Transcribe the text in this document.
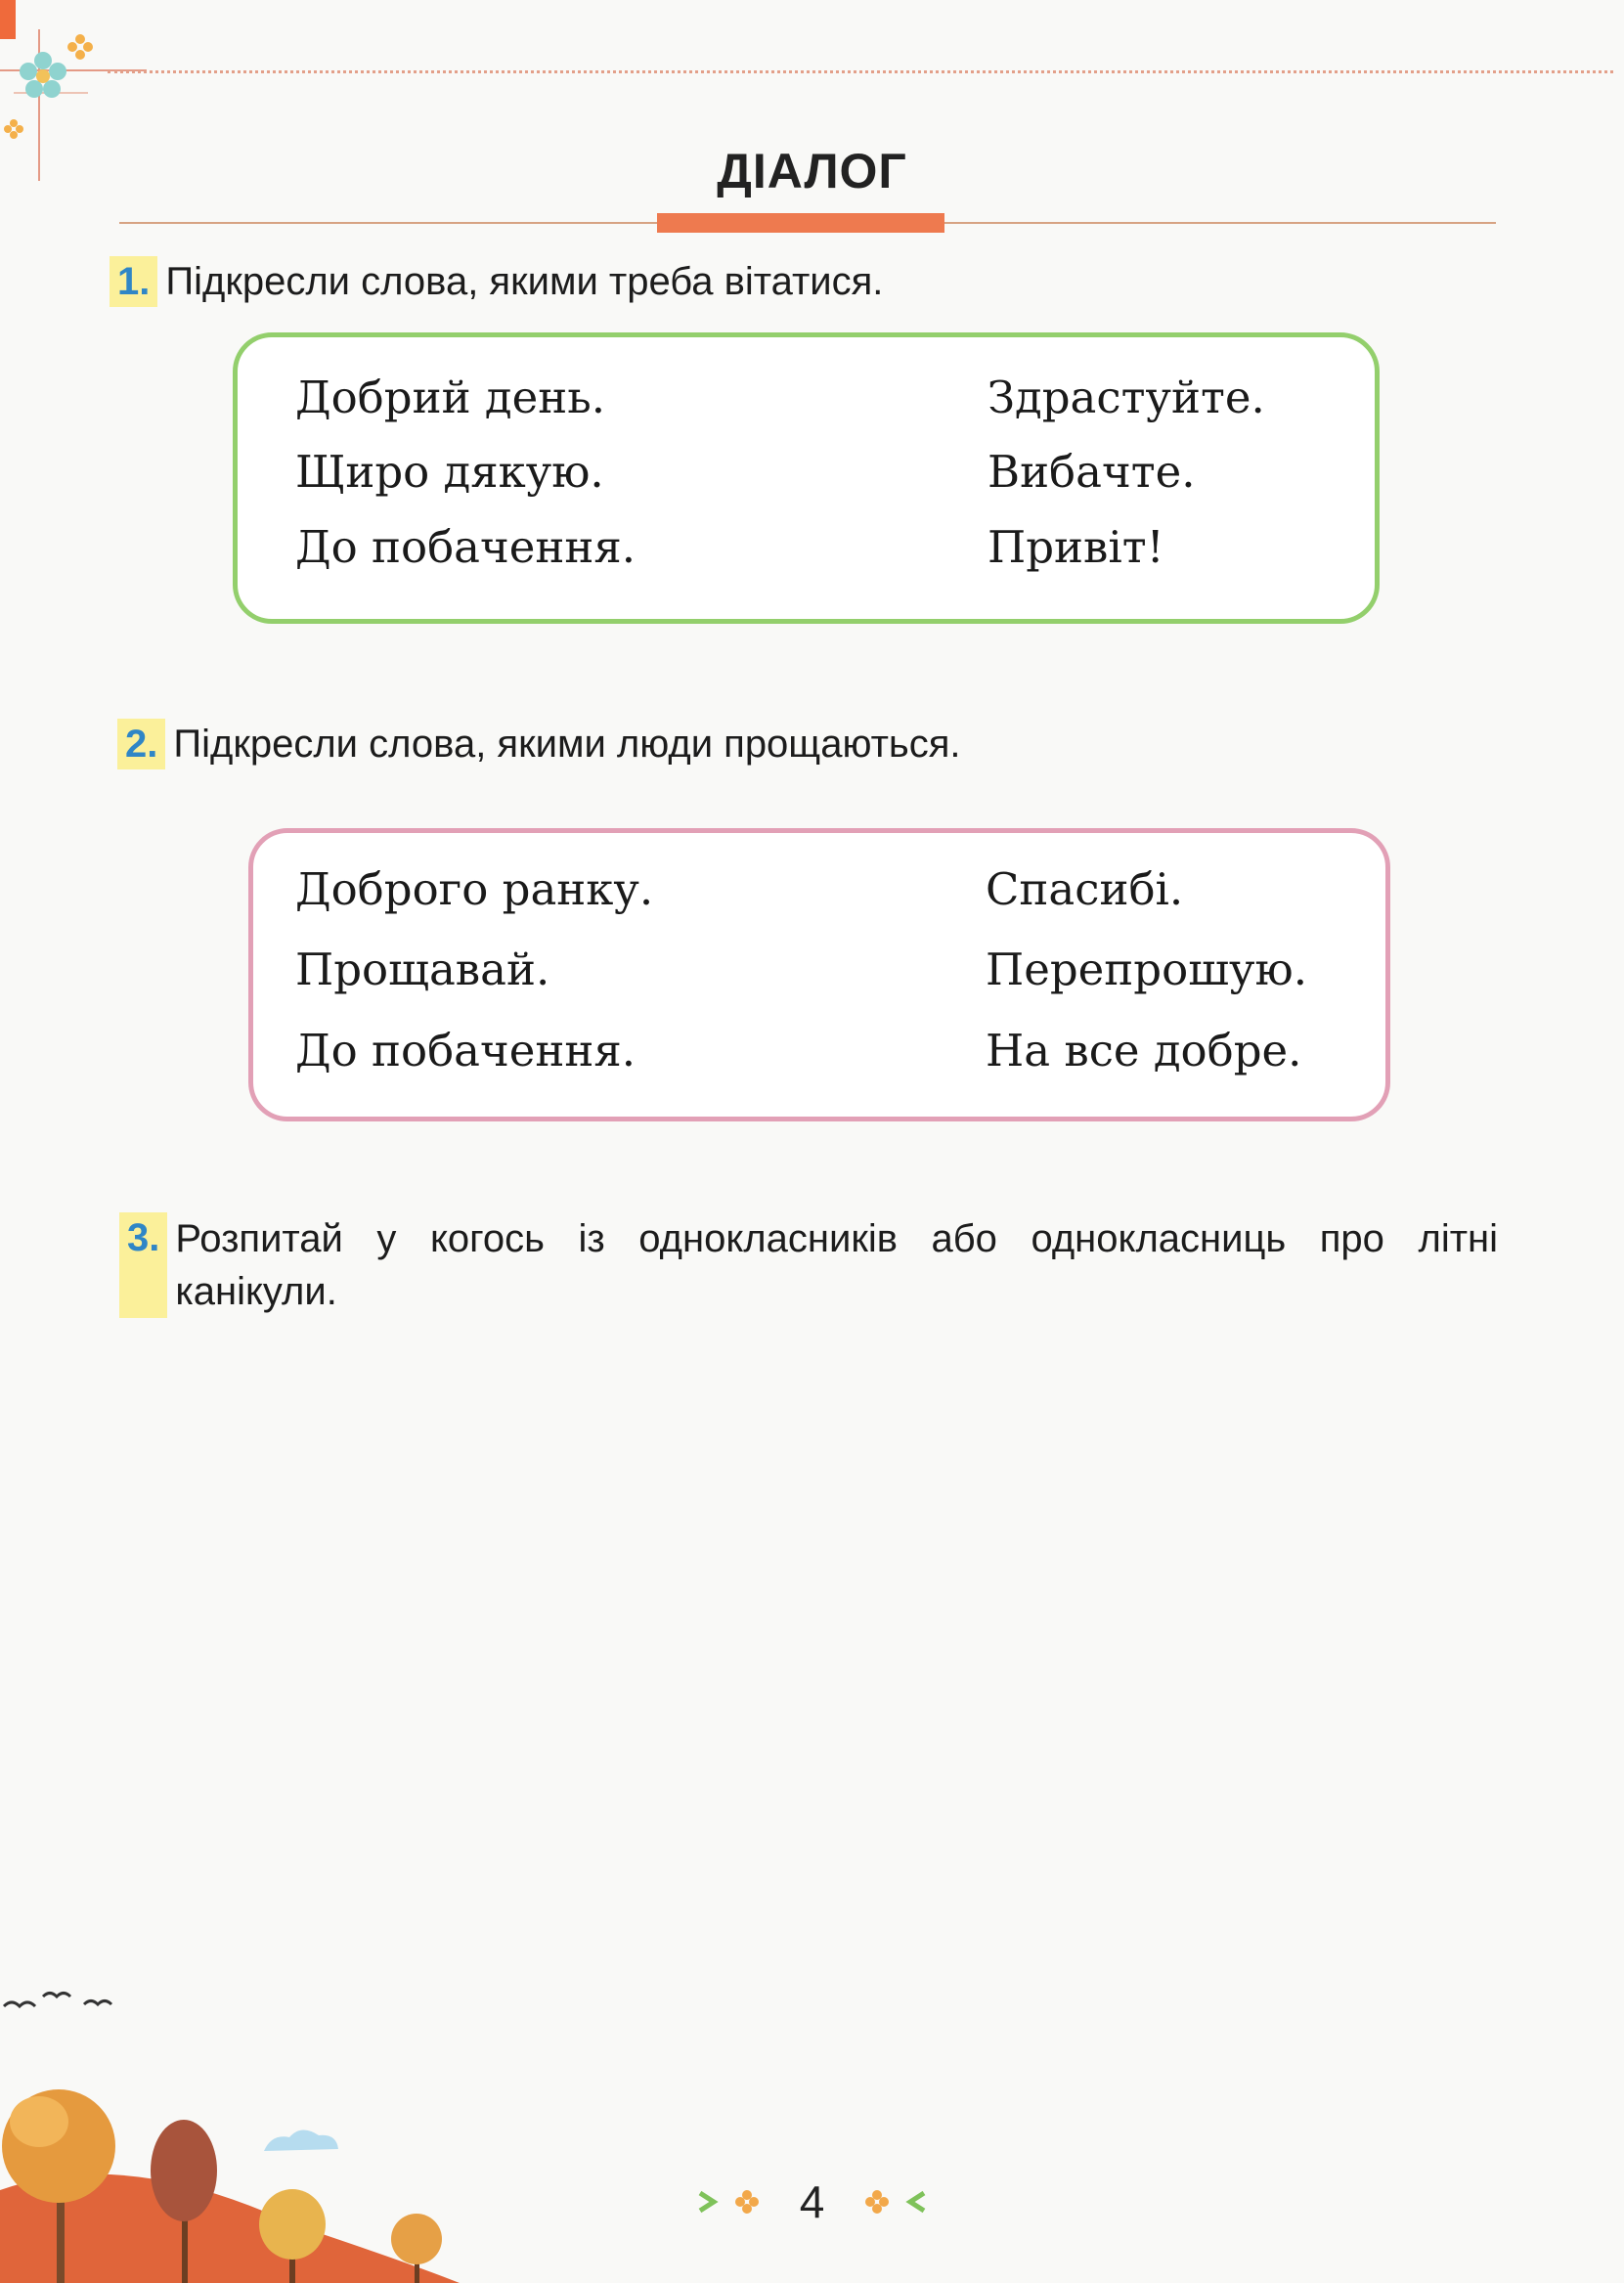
ДІАЛОГ
1. Підкресли слова, якими треба вітатися.
Добрий день.
Щиро дякую.
До побачення.
Здрастуйте.
Вибачте.
Привіт!
2. Підкресли слова, якими люди прощаються.
Доброго ранку.
Прощавай.
До побачення.
Спасибі.
Перепрошую.
На все добре.
3. Розпитай у когось із однокласників або однокласниць про літні канікули.
4
